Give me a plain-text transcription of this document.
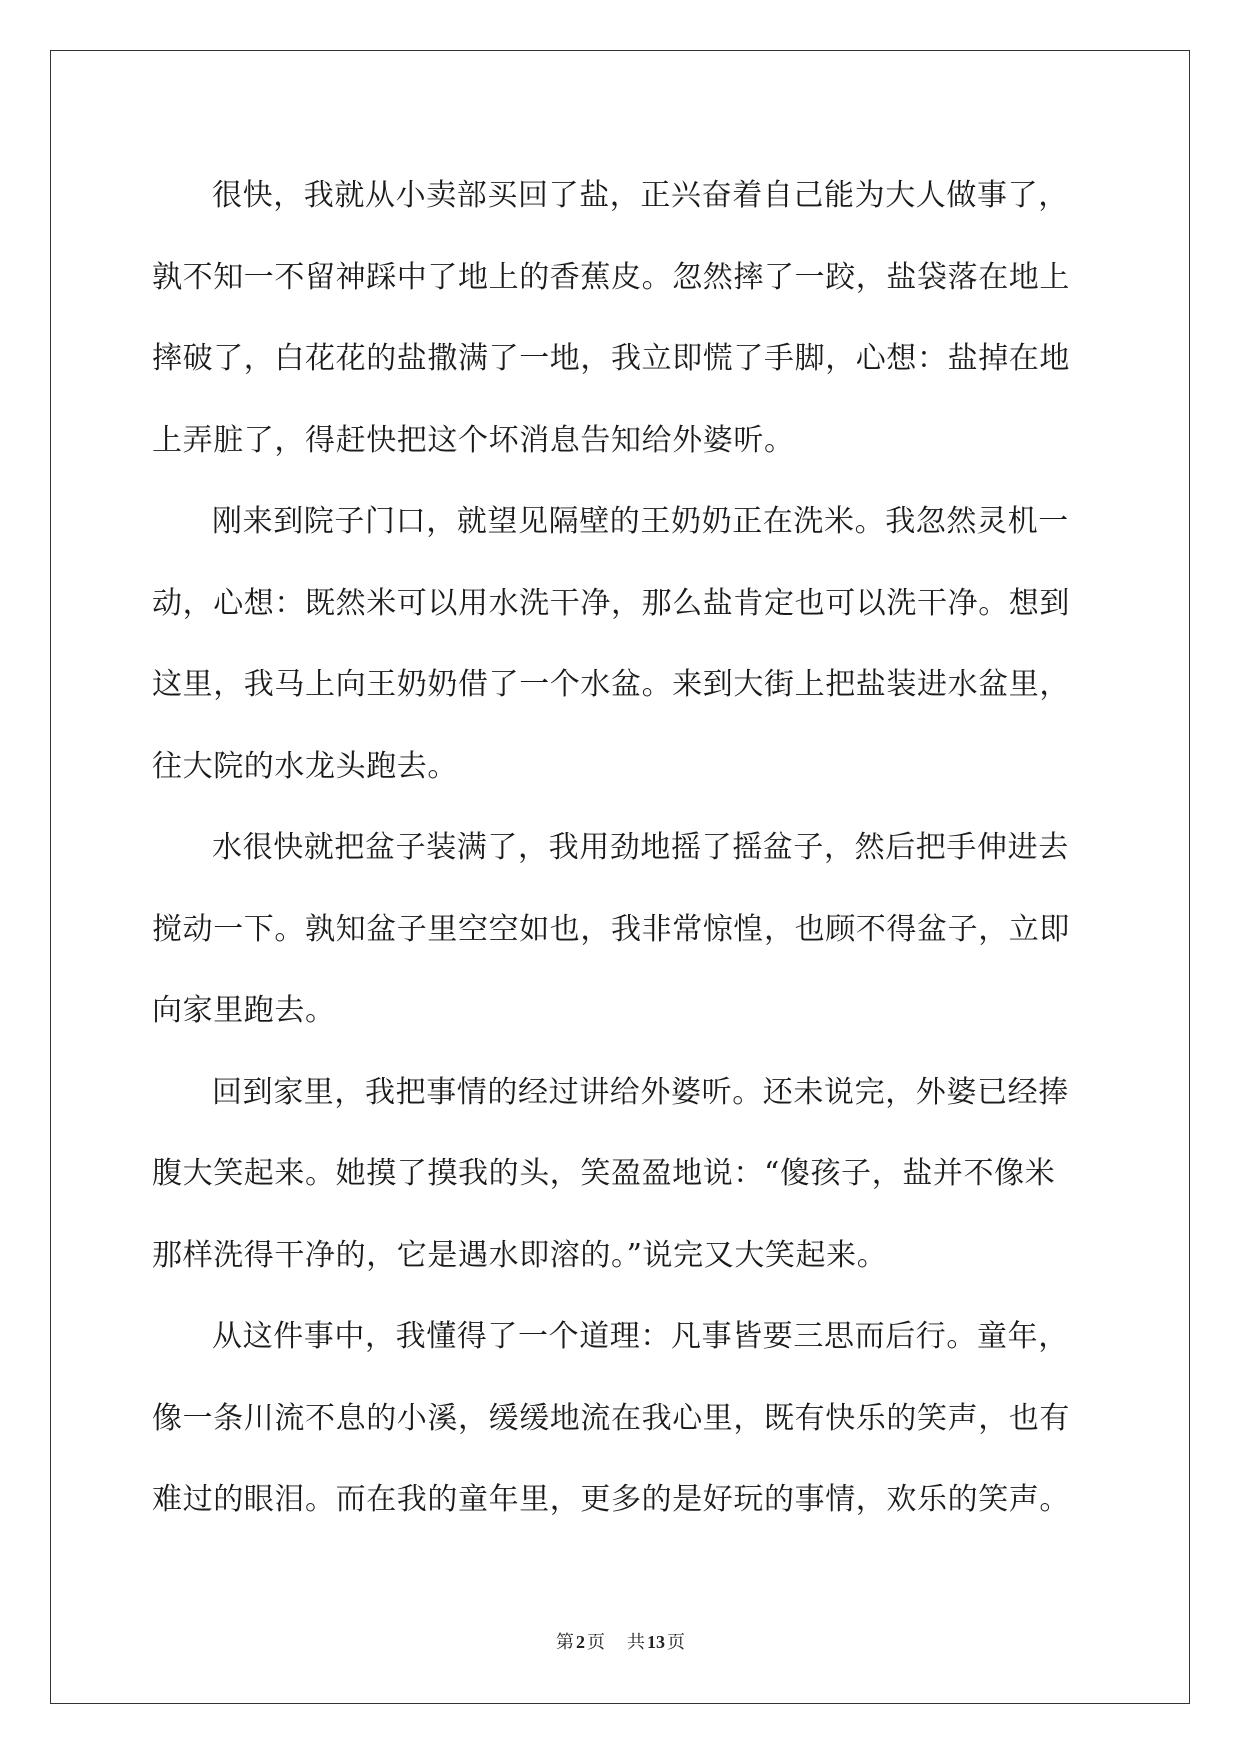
很快，我就从小卖部买回了盐，正兴奋着自己能为大人做事了，
孰不知一不留神踩中了地上的香蕉皮。忽然摔了一跤，盐袋落在地上
摔破了，白花花的盐撒满了一地，我立即慌了手脚，心想：盐掉在地
上弄脏了，得赶快把这个坏消息告知给外婆听。

刚来到院子门口，就望见隔壁的王奶奶正在洗米。我忽然灵机一
动，心想：既然米可以用水洗干净，那么盐肯定也可以洗干净。想到
这里，我马上向王奶奶借了一个水盆。来到大街上把盐装进水盆里，
往大院的水龙头跑去。

水很快就把盆子装满了，我用劲地摇了摇盆子，然后把手伸进去
搅动一下。孰知盆子里空空如也，我非常惊惶，也顾不得盆子，立即
向家里跑去。

回到家里，我把事情的经过讲给外婆听。还未说完，外婆已经捧
腹大笑起来。她摸了摸我的头，笑盈盈地说：“傻孩子，盐并不像米
那样洗得干净的，它是遇水即溶的。”说完又大笑起来。

从这件事中，我懂得了一个道理：凡事皆要三思而后行。童年，
像一条川流不息的小溪，缓缓地流在我心里，既有快乐的笑声，也有
难过的眼泪。而在我的童年里，更多的是好玩的事情，欢乐的笑声。

第 2 页 共 13 页
